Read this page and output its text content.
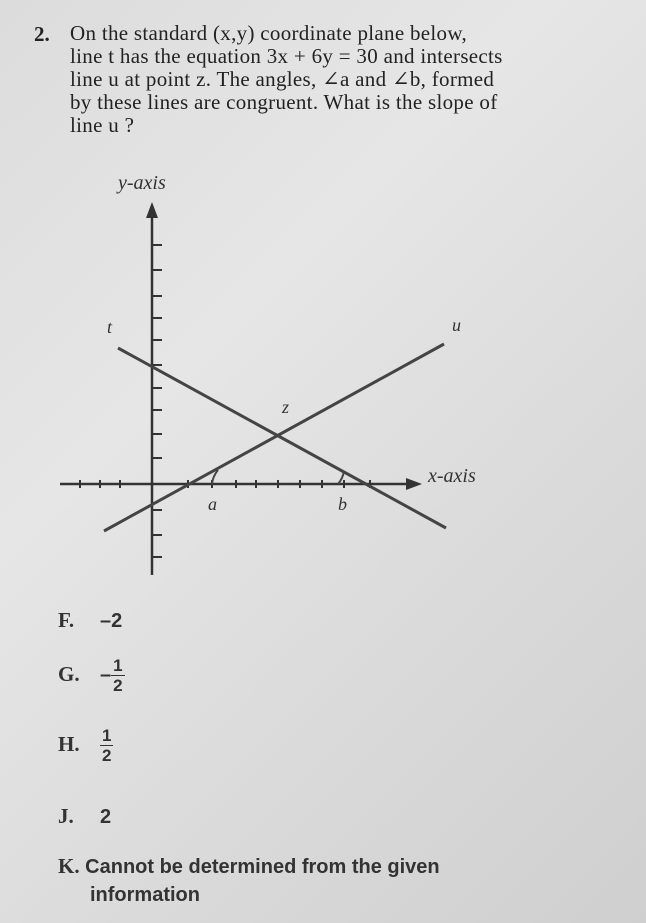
2. On the standard (x,y) coordinate plane below,
line t has the equation 3x + 6y = 30 and intersects
line u at point z. The angles, ∠a and ∠b, formed
by these lines are congruent. What is the slope of
line u ?
y-axis
x-axis
t	u
z
a	b
F. –2
G. – $\frac{1}{2}$
H. $\frac{1}{2}$
J. 2
K. Cannot be determined from the given
information
